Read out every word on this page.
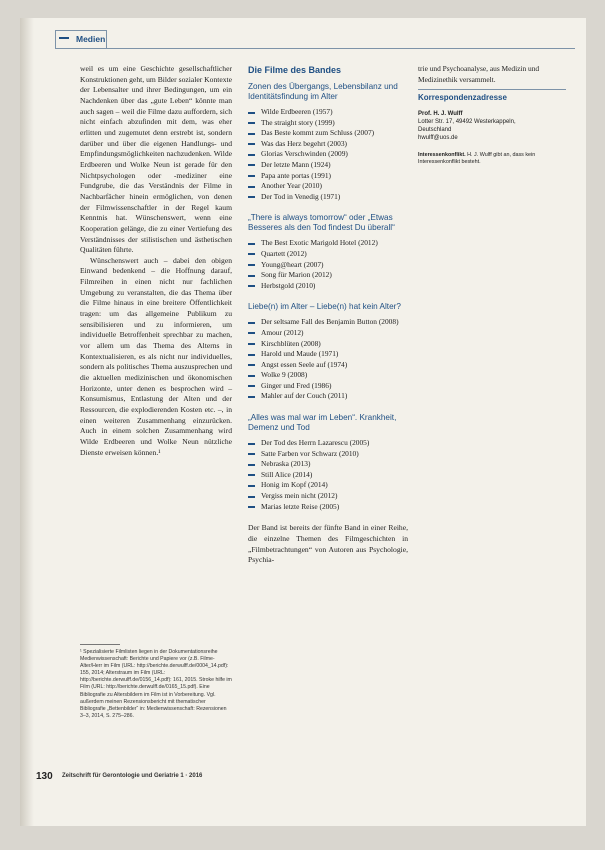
Medien

weil es um eine Geschichte gesellschaftlicher Konstruktionen geht, um Bilder sozialer Kontexte der Lebensalter und ihrer Bedingungen, um ein Nachdenken über das „gute Leben“ könnte man auch sagen – weil die Filme dazu auffordern, sich nicht einfach abzufinden mit dem, was eher erlitten und zugemutet denn erstrebt ist, sondern darüber und über die eigenen Handlungs- und Empfindungsmöglichkeiten nachzudenken. Wilde Erdbeeren und Wolke Neun ist gerade für den Nichtpsychologen oder -mediziner eine Fundgrube, die das Verständnis der Filme in Nachbarfächer hinein ermöglichen, von denen der Filmwissenschaftler in der Regel kaum Kenntnis hat. Wünschenswert, wenn eine Kooperation gelänge, die zu einer Vertiefung des Verständnisses der stilistischen und ästhetischen Qualitäten führte.

Wünschenswert auch – dabei den obigen Einwand bedenkend – die Hoffnung darauf, Filmreihen in einen nicht nur fachlichen Umgebung zu veranstalten, die das Thema über die Filme hinaus in eine breitere Öffentlichkeit tragen: um das allgemeine Publikum zu sensibilisieren und zu informieren, um individuelle Betroffenheit sprechbar zu machen, vor allem um das Thema des Alterns in Kontextualisieren, es als nicht nur individuelles, sondern als politisches Thema auszusprechen und die aktuellen medizinischen und ökonomischen Horizonte, unter denen es besprochen wird – Konsumismus, Entlastung der Alten und der Ressourcen, die explodierenden Kosten etc. –, in einen weiteren Zusammenhang einzurücken. Auch in einem solchen Zusammenhang wird Wilde Erdbeeren und Wolke Neun nützliche Dienste erweisen können.¹

¹ Spezialisierte Filmlisten liegen in der Dokumentationsreihe Medienwissenschaft: Berichte und Papiere vor (z.B. Filme-Alter/Herr im Film (URL: http://berichte.derwulff.de/0004_14.pdf): 155, 2014; Alterstraum im Film (URL: http://berichte.derwulff.de/0156_14.pdf): 161, 2015. Stroke hilfe im Film (URL: http://berichte.derwulff.de/0165_15.pdf). Eine Bibliografie zu Altersbildern im Film ist in Vorbereitung. Vgl. außerdem meinen Rezensionsbericht mit thematischer Bibliografie „Bettenbilder“ in: Medienwissenschaft: Rezensionen 3–3, 2014, S. 275–286.
Die Filme des Bandes
Zonen des Übergangs, Lebensbilanz und Identitätsfindung im Alter
Wilde Erdbeeren (1957)
The straight story (1999)
Das Beste kommt zum Schluss (2007)
Was das Herz begehrt (2003)
Glorias Verschwinden (2009)
Der letzte Mann (1924)
Papa ante portas (1991)
Another Year (2010)
Der Tod in Venedig (1971)
„There is always tomorrow“ oder „Etwas Besseres als den Tod findest Du überall“
The Best Exotic Marigold Hotel (2012)
Quartett (2012)
Young@heart (2007)
Song für Marion (2012)
Herbstgold (2010)
Liebe(n) im Alter – Liebe(n) hat kein Alter?
Der seltsame Fall des Benjamin Button (2008)
Amour (2012)
Kirschblüten (2008)
Harold und Maude (1971)
Angst essen Seele auf (1974)
Wolke 9 (2008)
Ginger und Fred (1986)
Mahler auf der Couch (2011)
„Alles was mal war im Leben“. Krankheit, Demenz und Tod
Der Tod des Herrn Lazarescu (2005)
Satte Farben vor Schwarz (2010)
Nebraska (2013)
Still Alice (2014)
Honig im Kopf (2014)
Vergiss mein nicht (2012)
Marias letzte Reise (2005)
Der Band ist bereits der fünfte Band in einer Reihe, die einzelne Themen des Filmgeschichten in „Filmbetrachtungen“ von Autoren aus Psychologie, Psychia-
trie und Psychoanalyse, aus Medizin und Medizinethik versammelt.
Korrespondenzadresse
Prof. H. J. Wulff
Lotter Str. 17, 49492 Westerkappeln,
Deutschland
hwulff@uos.de
Interessenkonflikt. H. J. Wulff gibt an, dass kein Interessenkonflikt besteht.
130 Zeitschrift für Gerontologie und Geriatrie 1 · 2016
